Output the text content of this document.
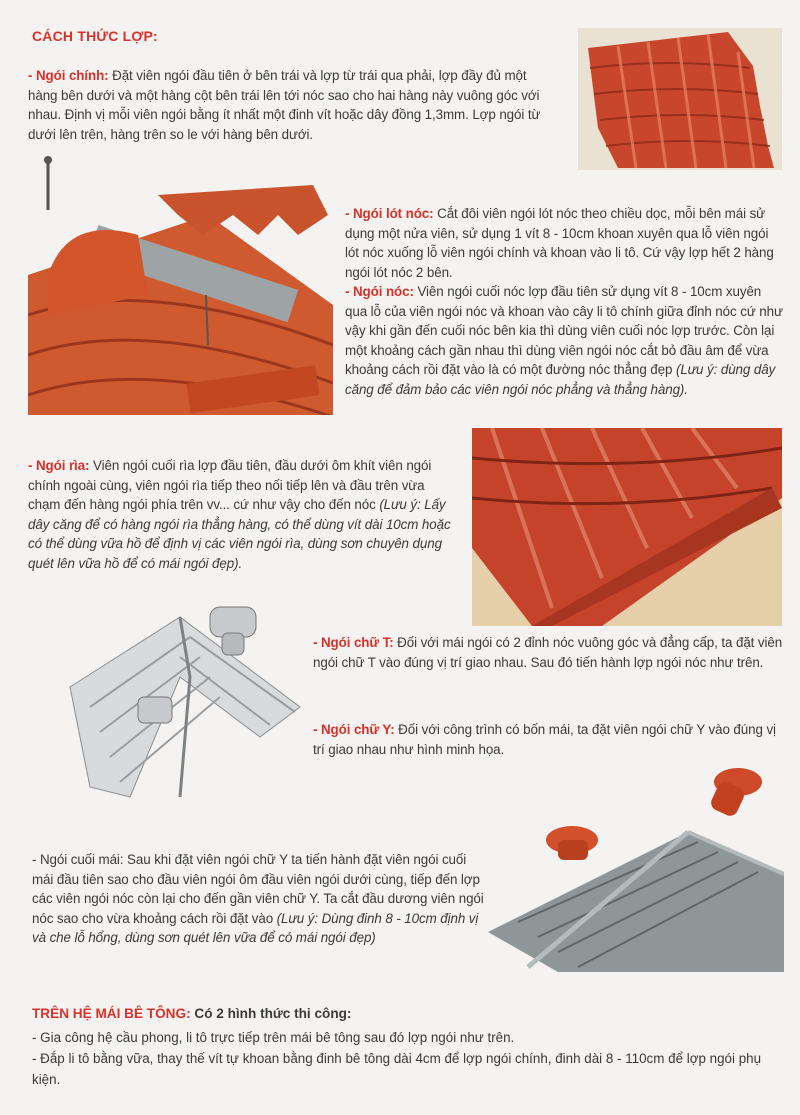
CÁCH THỨC LỢP:
- Ngói chính: Đặt viên ngói đầu tiên ở bên trái và lợp từ trái qua phải, lợp đầy đủ một hàng bên dưới và một hàng cột bên trái lên tới nóc sao cho hai hàng này vuông góc với nhau. Định vị mỗi viên ngói bằng ít nhất một đinh vít hoặc dây đồng 1,3mm. Lợp ngói từ dưới lên trên, hàng trên so le với hàng bên dưới.
- Ngói lót nóc: Cắt đôi viên ngói lót nóc theo chiều dọc, mỗi bên mái sử dụng một nửa viên, sử dụng 1 vít 8 - 10cm khoan xuyên qua lỗ viên ngói lót nóc xuống lỗ viên ngói chính và khoan vào li tô. Cứ vậy lợp hết 2 hàng ngói lót nóc 2 bên.
- Ngói nóc: Viên ngói cuối nóc lợp đầu tiên sử dụng vít 8 - 10cm xuyên qua lỗ của viên ngói nóc và khoan vào cây li tô chính giữa đỉnh nóc cứ như vậy khi gần đến cuối nóc bên kia thì dùng viên cuối nóc lợp trước. Còn lại một khoảng cách gần nhau thì dùng viên ngói nóc cắt bỏ đầu âm để vừa khoảng cách rồi đặt vào là có một đường nóc thẳng đẹp (Lưu ý: dùng dây căng để đảm bảo các viên ngói nóc phẳng và thẳng hàng).
- Ngói rìa: Viên ngói cuối rìa lợp đầu tiên, đầu dưới ôm khít viên ngói chính ngoài cùng, viên ngói rìa tiếp theo nối tiếp lên và đầu trên vừa chạm đến hàng ngói phía trên vv... cứ như vậy cho đến nóc (Lưu ý: Lấy dây căng để có hàng ngói rìa thẳng hàng, có thể dùng vít dài 10cm hoặc có thể dùng vữa hồ để định vị các viên ngói rìa, dùng sơn chuyên dụng quét lên vữa hồ để có mái ngói đẹp).
- Ngói chữ T: Đối với mái ngói có 2 đỉnh nóc vuông góc và đẳng cấp, ta đặt viên ngói chữ T vào đúng vị trí giao nhau. Sau đó tiến hành lợp ngói nóc như trên.
- Ngói chữ Y: Đối với công trình có bốn mái, ta đặt viên ngói chữ Y vào đúng vị trí giao nhau như hình minh họa.
- Ngói cuối mái: Sau khi đặt viên ngói chữ Y ta tiến hành đặt viên ngói cuối mái đầu tiên sao cho đầu viên ngói ôm đầu viên ngói dưới cùng, tiếp đến lợp các viên ngói nóc còn lại cho đến gần viên chữ Y. Ta cắt đầu dương viên ngói nóc sao cho vừa khoảng cách rồi đặt vào (Lưu ý: Dùng đinh 8 - 10cm định vị và che lỗ hổng, dùng sơn quét lên vữa để có mái ngói đẹp)
TRÊN HỆ MÁI BÊ TÔNG: Có 2 hình thức thi công:
- Gia công hệ cầu phong, li tô trực tiếp trên mái bê tông sau đó lợp ngói như trên.
- Đắp li tô bằng vữa, thay thế vít tự khoan bằng đinh bê tông dài 4cm để lợp ngói chính, đinh dài 8 - 110cm để lợp ngói phụ kiện.
